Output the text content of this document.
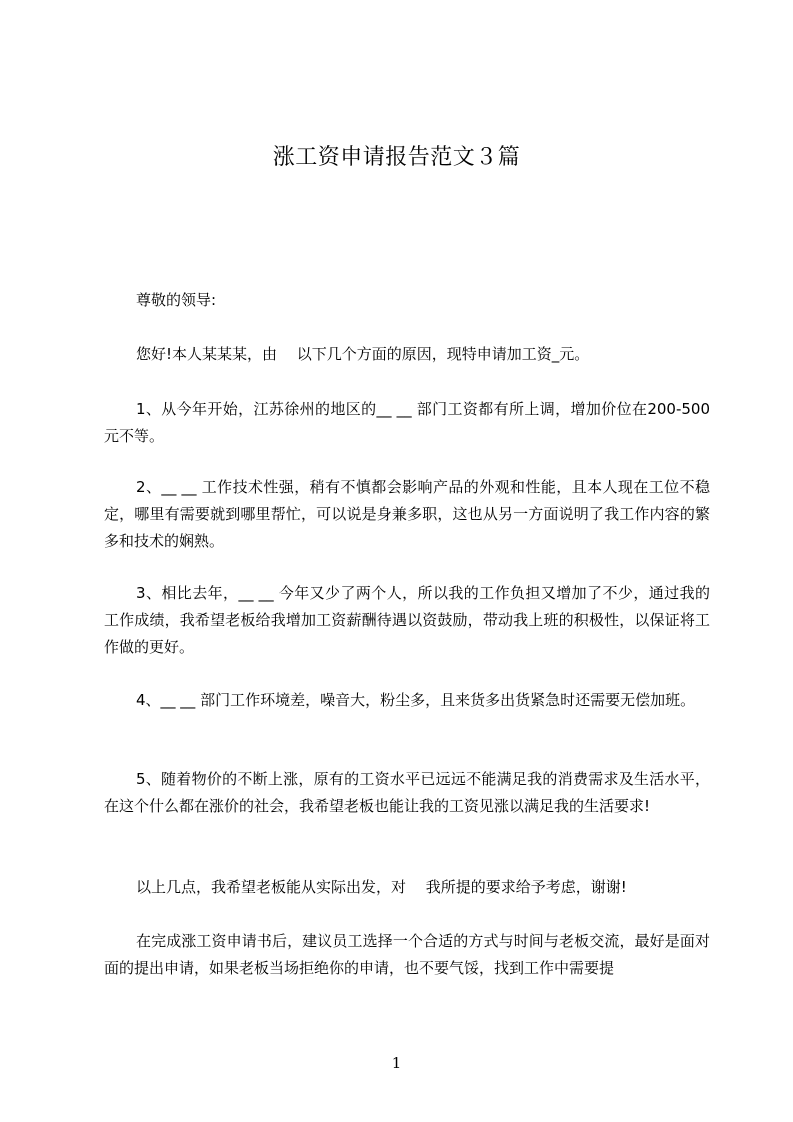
涨工资申请报告范文３篇

尊敬的领导:

您好!本人某某某，由　 以下几个方面的原因，现特申请加工资_元。

1、从今年开始，江苏徐州的地区的__ __ 部门工资都有所上调，增加价位在200-500 元不等。

2、__ __ 工作技术性强，稍有不慎都会影响产品的外观和性能，且本人现在工位不稳定，哪里有需要就到哪里帮忙，可以说是身兼多职，这也从另一方面说明了我工作内容的繁多和技术的娴熟。

3、相比去年，__ __ 今年又少了两个人，所以我的工作负担又增加了不少，通过我的工作成绩，我希望老板给我增加工资薪酬待遇以资鼓励，带动我上班的积极性，以保证将工作做的更好。

4、__ __ 部门工作环境差，噪音大，粉尘多，且来货多出货紧急时还需要无偿加班。

5、随着物价的不断上涨，原有的工资水平已远远不能满足我的消费需求及生活水平，在这个什么都在涨价的社会，我希望老板也能让我的工资见涨以满足我的生活要求!

以上几点，我希望老板能从实际出发，对　 我所提的要求给予考虑，谢谢!

在完成涨工资申请书后，建议员工选择一个合适的方式与时间与老板交流，最好是面对面的提出申请，如果老板当场拒绝你的申请，也不要气馁，找到工作中需要提

1
